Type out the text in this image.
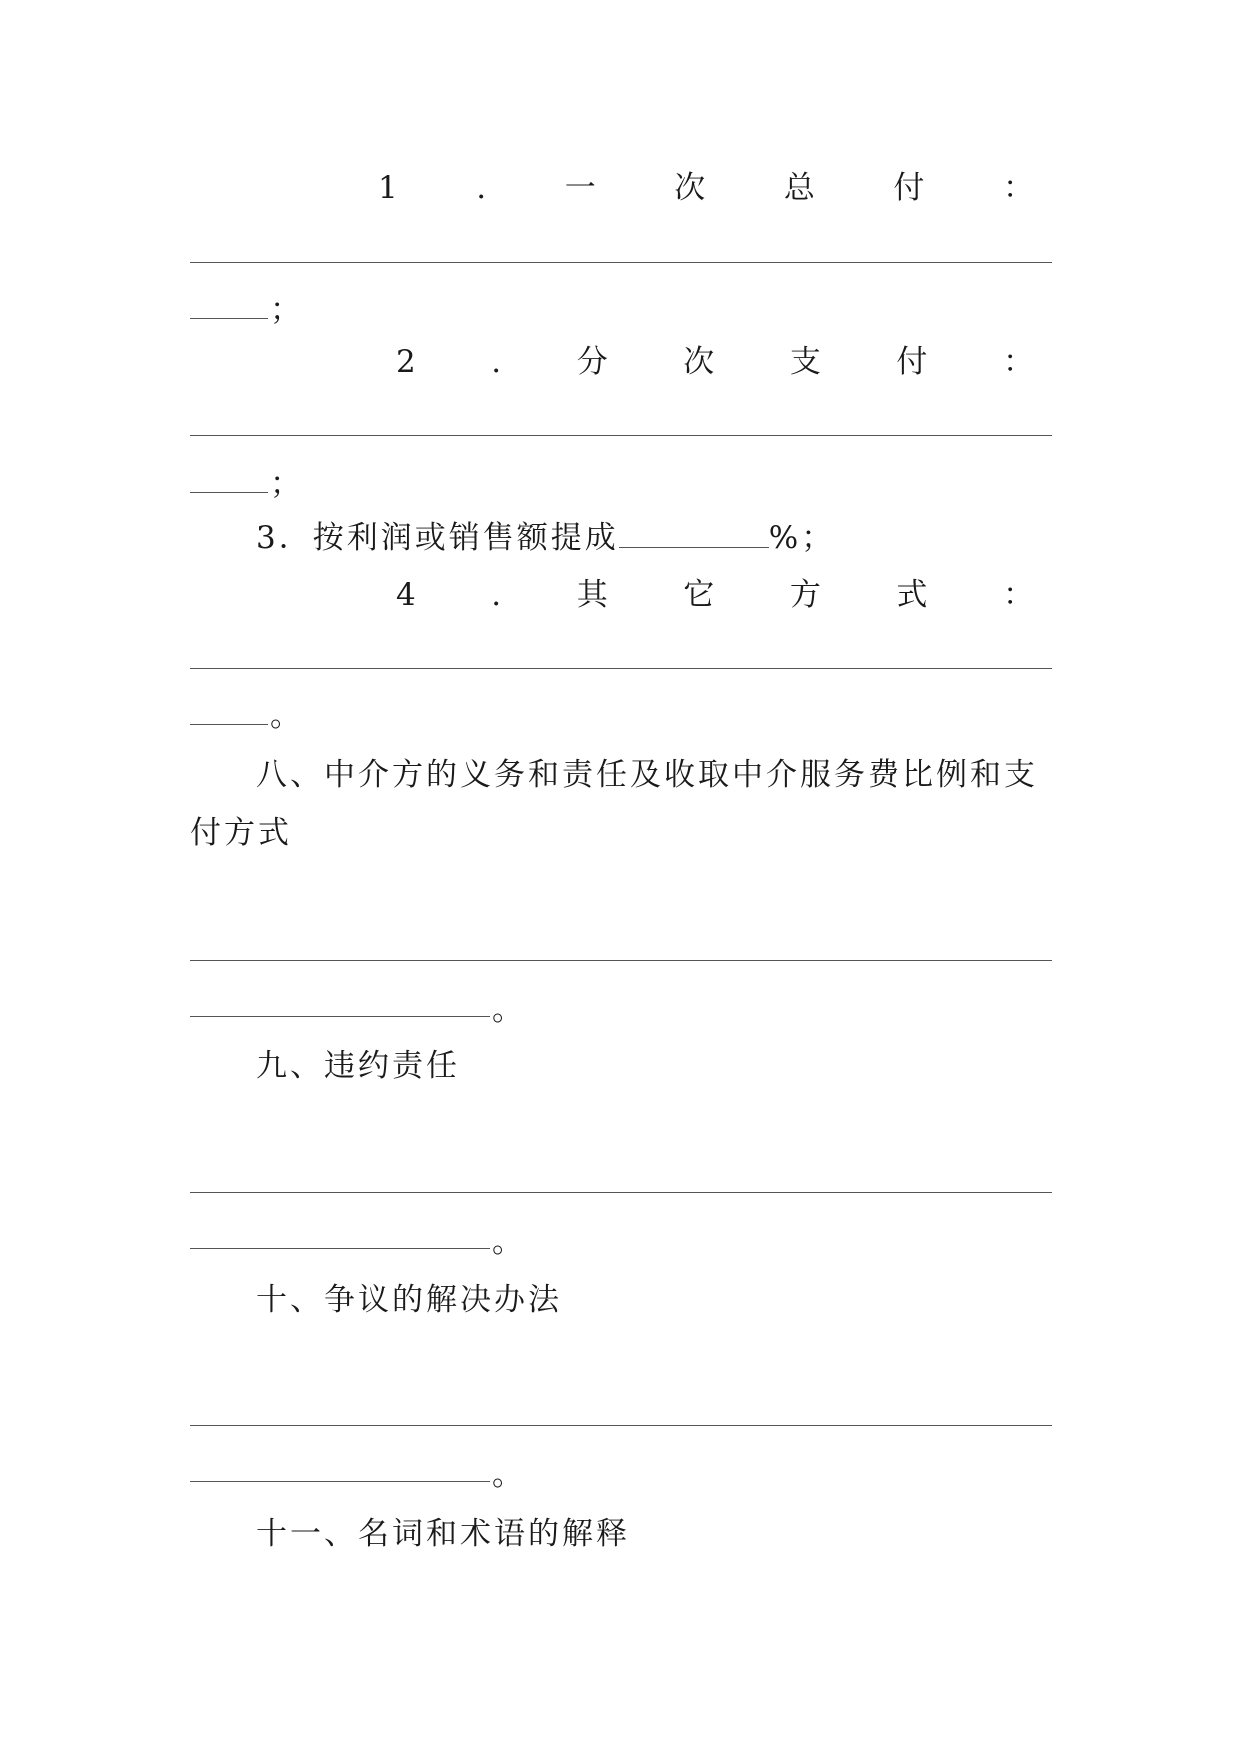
1	.	一	次	总	付	：
；
2 . 分 次 支 付 ：
；
3．按利润或销售额提成	%；
4 . 其 它 方 式 ：
。
八、中介方的义务和责任及收取中介服务费比例和支付方式
。
九、违约责任
。
十、争议的解决办法
。
十一、名词和术语的解释
